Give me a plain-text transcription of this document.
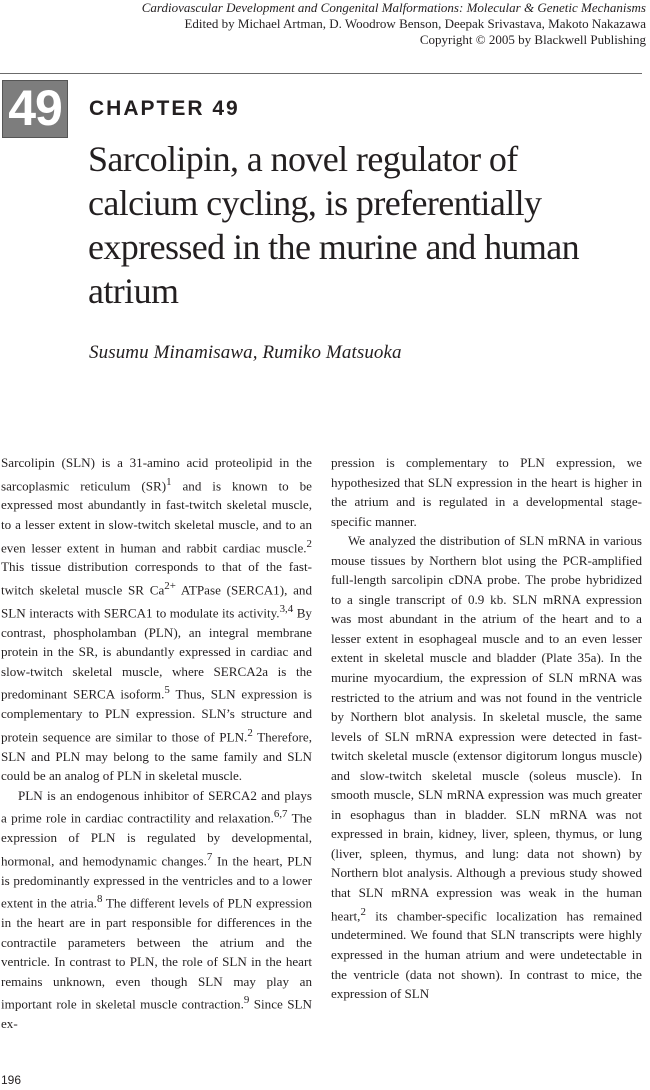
Cardiovascular Development and Congenital Malformations: Molecular & Genetic Mechanisms
Edited by Michael Artman, D. Woodrow Benson, Deepak Srivastava, Makoto Nakazawa
Copyright © 2005 by Blackwell Publishing
49 CHAPTER 49
Sarcolipin, a novel regulator of calcium cycling, is preferentially expressed in the murine and human atrium
Susumu Minamisawa, Rumiko Matsuoka

Sarcolipin (SLN) is a 31-amino acid proteolipid in the sarcoplasmic reticulum (SR)$^1$ and is known to be expressed most abundantly in fast-twitch skeletal muscle, to a lesser extent in slow-twitch skeletal muscle, and to an even lesser extent in human and rabbit cardiac muscle.$^2$ This tissue distribution corresponds to that of the fast-twitch skeletal muscle SR $Ca^{2+}$ ATPase (SERCA1), and SLN interacts with SERCA1 to modulate its activity.$^{3,4}$ By contrast, phospholamban (PLN), an integral membrane protein in the SR, is abundantly expressed in cardiac and slow-twitch skeletal muscle, where SERCA2a is the predominant SERCA isoform.$^5$ Thus, SLN expression is complementary to PLN expression. SLN’s structure and protein sequence are similar to those of PLN.$^2$ Therefore, SLN and PLN may belong to the same family and SLN could be an analog of PLN in skeletal muscle.

PLN is an endogenous inhibitor of SERCA2 and plays a prime role in cardiac contractility and relaxation.$^{6,7}$ The expression of PLN is regulated by developmental, hormonal, and hemodynamic changes.$^7$ In the heart, PLN is predominantly expressed in the ventricles and to a lower extent in the atria.$^8$ The different levels of PLN expression in the heart are in part responsible for differences in the contractile parameters between the atrium and the ventricle. In contrast to PLN, the role of SLN in the heart remains unknown, even though SLN may play an important role in skeletal muscle contraction.$^9$ Since SLN ex-

pression is complementary to PLN expression, we hypothesized that SLN expression in the heart is higher in the atrium and is regulated in a developmental stage-specific manner.

We analyzed the distribution of SLN mRNA in various mouse tissues by Northern blot using the PCR-amplified full-length sarcolipin cDNA probe. The probe hybridized to a single transcript of 0.9 kb. SLN mRNA expression was most abundant in the atrium of the heart and to a lesser extent in esophageal muscle and to an even lesser extent in skeletal muscle and bladder (Plate 35a). In the murine myocardium, the expression of SLN mRNA was restricted to the atrium and was not found in the ventricle by Northern blot analysis. In skeletal muscle, the same levels of SLN mRNA expression were detected in fast-twitch skeletal muscle (extensor digitorum longus muscle) and slow-twitch skeletal muscle (soleus muscle). In smooth muscle, SLN mRNA expression was much greater in esophagus than in bladder. SLN mRNA was not expressed in brain, kidney, liver, spleen, thymus, or lung (liver, spleen, thymus, and lung: data not shown) by Northern blot analysis. Although a previous study showed that SLN mRNA expression was weak in the human heart,$^2$ its chamber-specific localization has remained undetermined. We found that SLN transcripts were highly expressed in the human atrium and were undetectable in the ventricle (data not shown). In contrast to mice, the expression of SLN

196
